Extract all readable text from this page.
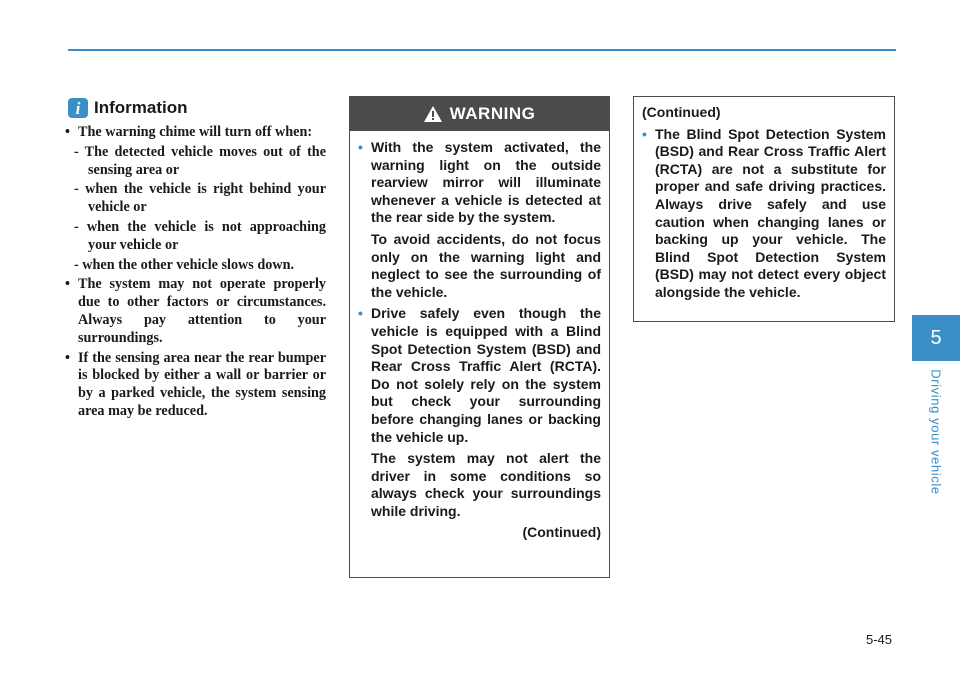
i Information
• The warning chime will turn off when:
- The detected vehicle moves out of the sensing area or
- when the vehicle is right behind your vehicle or
- when the vehicle is not approaching your vehicle or
- when the other vehicle slows down.
• The system may not operate properly due to other factors or circumstances. Always pay attention to your surroundings.
• If the sensing area near the rear bumper is blocked by either a wall or barrier or by a parked vehicle, the system sensing area may be reduced.
WARNING
• With the system activated, the warning light on the outside rearview mirror will illuminate whenever a vehicle is detected at the rear side by the system.
To avoid accidents, do not focus only on the warning light and neglect to see the surrounding of the vehicle.
• Drive safely even though the vehicle is equipped with a Blind Spot Detection System (BSD) and Rear Cross Traffic Alert (RCTA). Do not solely rely on the system but check your surrounding before changing lanes or backing the vehicle up.
The system may not alert the driver in some conditions so always check your surroundings while driving.
(Continued)
(Continued)
• The Blind Spot Detection System (BSD) and Rear Cross Traffic Alert (RCTA) are not a substitute for proper and safe driving practices. Always drive safely and use caution when changing lanes or backing up your vehicle. The Blind Spot Detection System (BSD) may not detect every object alongside the vehicle.
5
Driving your vehicle
5-45
